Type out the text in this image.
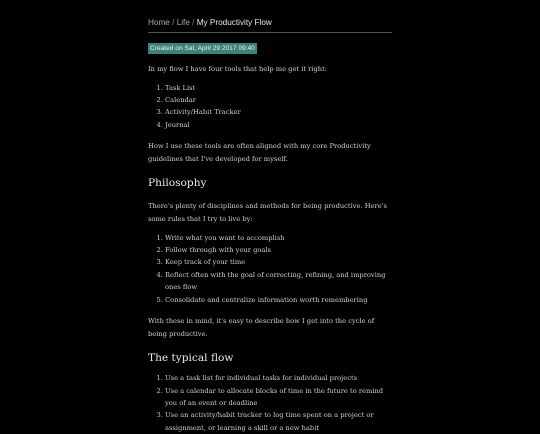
Home / Life / My Productivity Flow
Created on Sat, April 29 2017 09:40

In my flow I have four tools that help me get it right:

1. Task List
2. Calendar
3. Activity/Habit Tracker
4. Journal

How I use these tools are often aligned with my core Productivity guidelines that I've developed for myself.

Philosophy

There's plenty of disciplines and methods for being productive. Here's some rules that I try to live by:

1. Write what you want to accomplish
2. Follow through with your goals
3. Keep track of your time
4. Reflect often with the goal of correcting, refining, and improving ones flow
5. Consolidate and centralize information worth remembering

With these in mind, it's easy to describe how I get into the cycle of being productive.

The typical flow
1. Use a task list for individual tasks for individual projects
2. Use a calendar to allocate blocks of time in the future to remind you of an event or deadline
3. Use an activity/habit tracker to log time spent on a project or assignment, or learning a skill or a new habit
